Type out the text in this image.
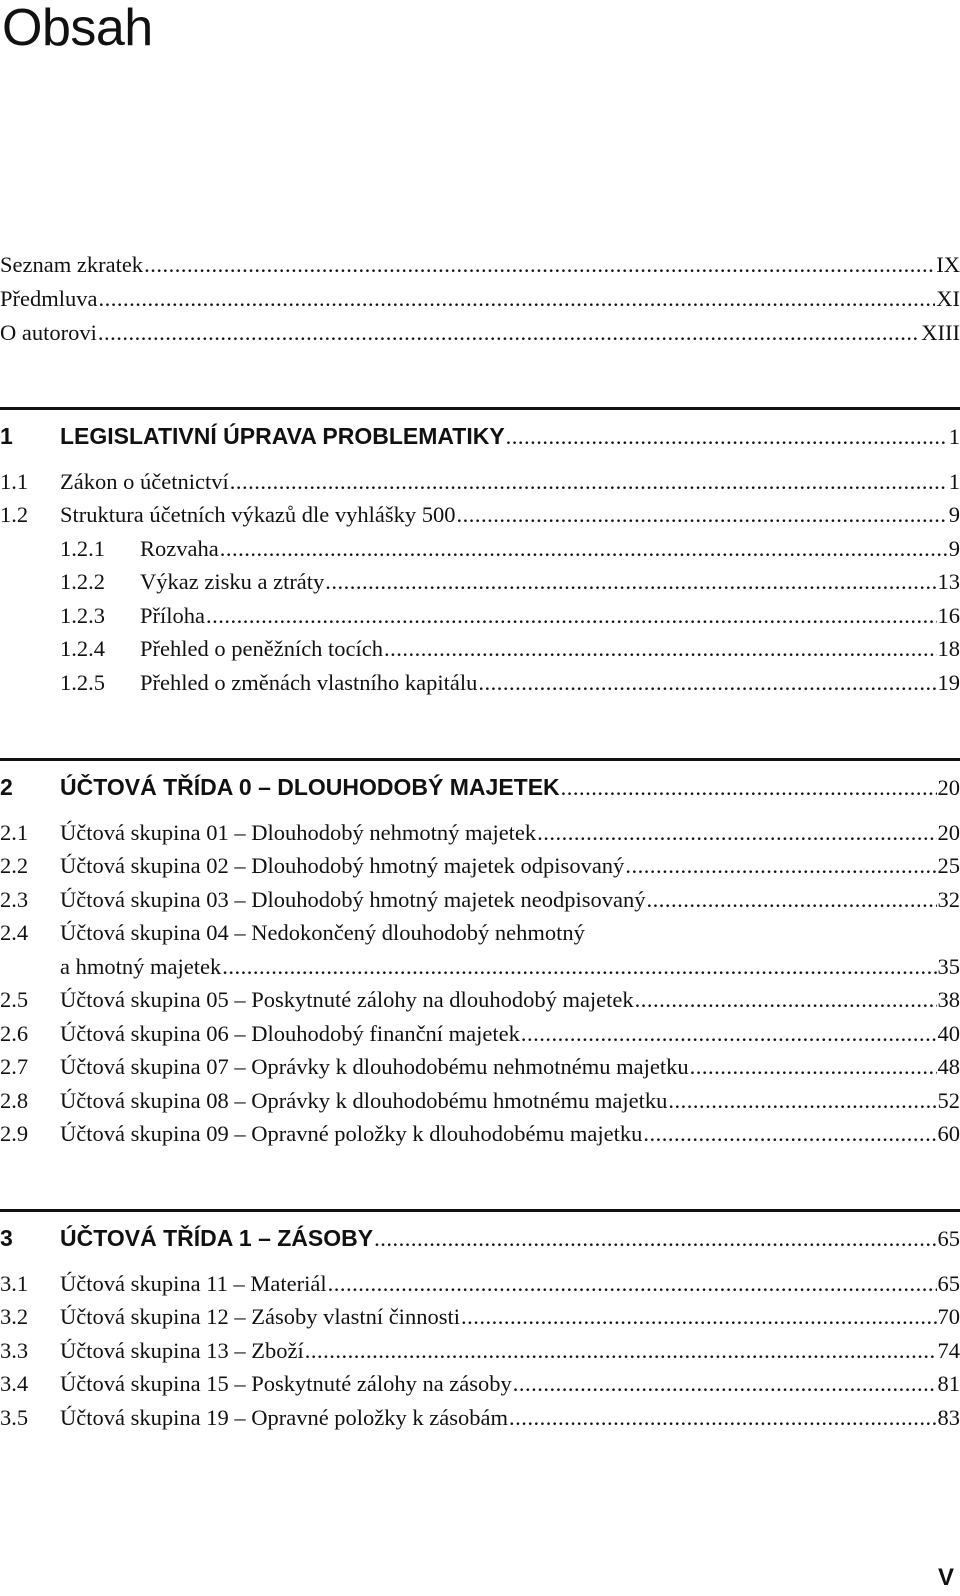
Obsah
Seznam zkratek .....	IX
Předmluva .....	XI
O autorovi .....	XIII
1	LEGISLATIVNÍ ÚPRAVA PROBLEMATIKY .....	1
1.1	Zákon o účetnictví .....	1
1.2	Struktura účetních výkazů dle vyhlášky 500 .....	9
1.2.1	Rozvaha .....	9
1.2.2	Výkaz zisku a ztráty .....	13
1.2.3	Příloha .....	16
1.2.4	Přehled o peněžních tocích .....	18
1.2.5	Přehled o změnách vlastního kapitálu .....	19
2	ÚČTOVÁ TŘÍDA 0 – DLOUHODOBÝ MAJETEK .....	20
2.1	Účtová skupina 01 – Dlouhodobý nehmotný majetek .....	20
2.2	Účtová skupina 02 – Dlouhodobý hmotný majetek odpisovaný .....	25
2.3	Účtová skupina 03 – Dlouhodobý hmotný majetek neodpisovaný .....	32
2.4	Účtová skupina 04 – Nedokončený dlouhodobý nehmotný
a hmotný majetek .....	35
2.5	Účtová skupina 05 – Poskytnuté zálohy na dlouhodobý majetek .....	38
2.6	Účtová skupina 06 – Dlouhodobý finanční majetek .....	40
2.7	Účtová skupina 07 – Oprávky k dlouhodobému nehmotnému majetku .....	48
2.8	Účtová skupina 08 – Oprávky k dlouhodobému hmotnému majetku .....	52
2.9	Účtová skupina 09 – Opravné položky k dlouhodobému majetku .....	60
3	ÚČTOVÁ TŘÍDA 1 – ZÁSOBY .....	65
3.1	Účtová skupina 11 – Materiál .....	65
3.2	Účtová skupina 12 – Zásoby vlastní činnosti .....	70
3.3	Účtová skupina 13 – Zboží .....	74
3.4	Účtová skupina 15 – Poskytnuté zálohy na zásoby .....	81
3.5	Účtová skupina 19 – Opravné položky k zásobám .....	83
V
